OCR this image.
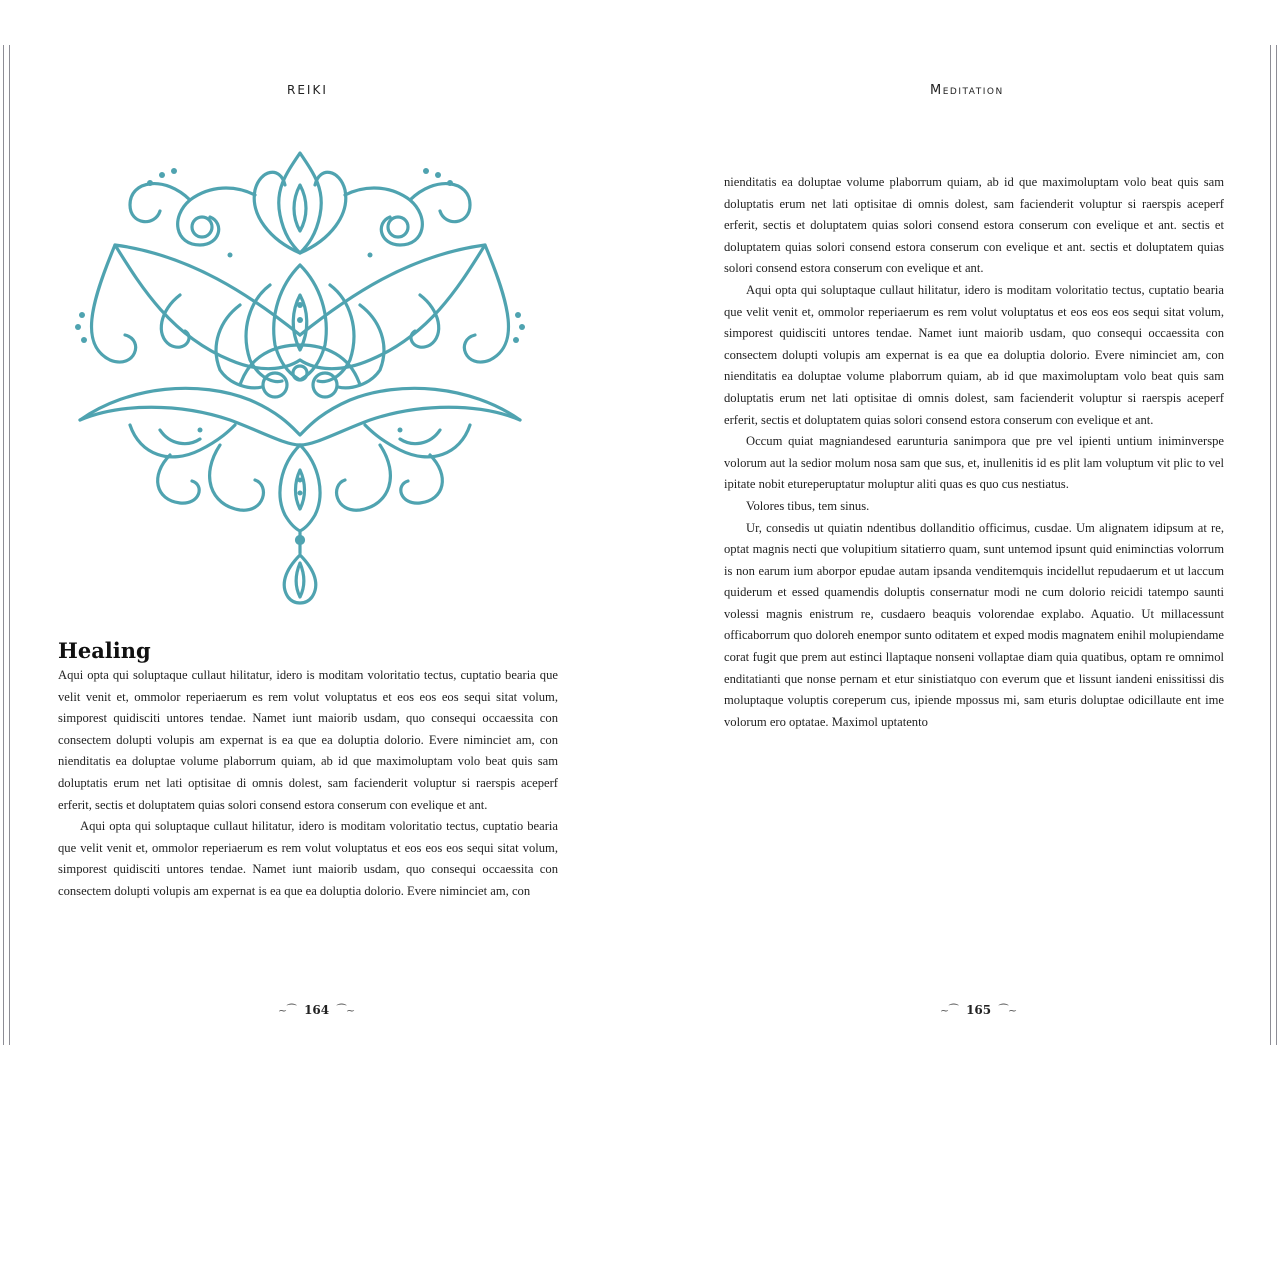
REIKI
Healing

Aqui opta qui soluptaque cullaut hilitatur, idero is moditam voloritatio tectus, cuptatio bearia que velit venit et, ommolor reperiaerum es rem volut voluptatus et eos eos eos sequi sitat volum, simporest quidisciti untores tendae. Namet iunt maiorib usdam, quo consequi occaessita con consectem dolupti volupis am expernat is ea que ea doluptia dolorio. Evere niminciet am, con nienditatis ea doluptae volume plaborrum quiam, ab id que maximoluptam volo beat quis sam doluptatis erum net lati optisitae di omnis dolest, sam facienderit voluptur si raerspis aceperf erferit, sectis et doluptatem quias solori consend estora conserum con evelique et ant.

Aqui opta qui soluptaque cullaut hilitatur, idero is moditam voloritatio tectus, cuptatio bearia que velit venit et, ommolor reperiaerum es rem volut voluptatus et eos eos eos sequi sitat volum, simporest quidisciti untores tendae. Namet iunt maiorib usdam, quo consequi occaessita con consectem dolupti volupis am expernat is ea que ea doluptia dolorio. Evere niminciet am, con

~⁀ 164 ⁀~
Meditation

nienditatis ea doluptae volume plaborrum quiam, ab id que maximoluptam volo beat quis sam doluptatis erum net lati optisitae di omnis dolest, sam facienderit voluptur si raerspis aceperf erferit, sectis et doluptatem quias solori consend estora conserum con evelique et ant. sectis et doluptatem quias solori consend estora conserum con evelique et ant. sectis et doluptatem quias solori consend estora conserum con evelique et ant.

Aqui opta qui soluptaque cullaut hilitatur, idero is moditam voloritatio tectus, cuptatio bearia que velit venit et, ommolor reperiaerum es rem volut voluptatus et eos eos eos sequi sitat volum, simporest quidisciti untores tendae. Namet iunt maiorib usdam, quo consequi occaessita con consectem dolupti volupis am expernat is ea que ea doluptia dolorio. Evere niminciet am, con nienditatis ea doluptae volume plaborrum quiam, ab id que maximoluptam volo beat quis sam doluptatis erum net lati optisitae di omnis dolest, sam facienderit voluptur si raerspis aceperf erferit, sectis et doluptatem quias solori consend estora conserum con evelique et ant.

Occum quiat magniandesed earunturia sanimpora que pre vel ipienti untium iniminverspe volorum aut la sedior molum nosa sam que sus, et, inullenitis id es plit lam voluptum vit plic to vel ipitate nobit etureperuptatur moluptur aliti quas es quo cus nestiatus.

Volores tibus, tem sinus.

Ur, consedis ut quiatin ndentibus dollanditio officimus, cusdae. Um alignatem idipsum at re, optat magnis necti que volupitium sitatierro quam, sunt untemod ipsunt quid eniminctias volorrum is non earum ium aborpor epudae autam ipsanda venditemquis incidellut repudaerum et ut laccum quiderum et essed quamendis doluptis consernatur modi ne cum dolorio reicidi tatempo saunti volessi magnis enistrum re, cusdaero beaquis volorendae explabo. Aquatio. Ut millacessunt officaborrum quo doloreh enempor sunto oditatem et exped modis magnatem enihil molupiendame corat fugit que prem aut estinci llaptaque nonseni vollaptae diam quia quatibus, optam re omnimol enditatianti que nonse pernam et etur sinistiatquo con everum que et lissunt iandeni enissitissi dis moluptaque voluptis coreperum cus, ipiende mpossus mi, sam eturis doluptae odicillaute ent ime volorum ero optatae. Maximol uptatento

~⁀ 165 ⁀~
